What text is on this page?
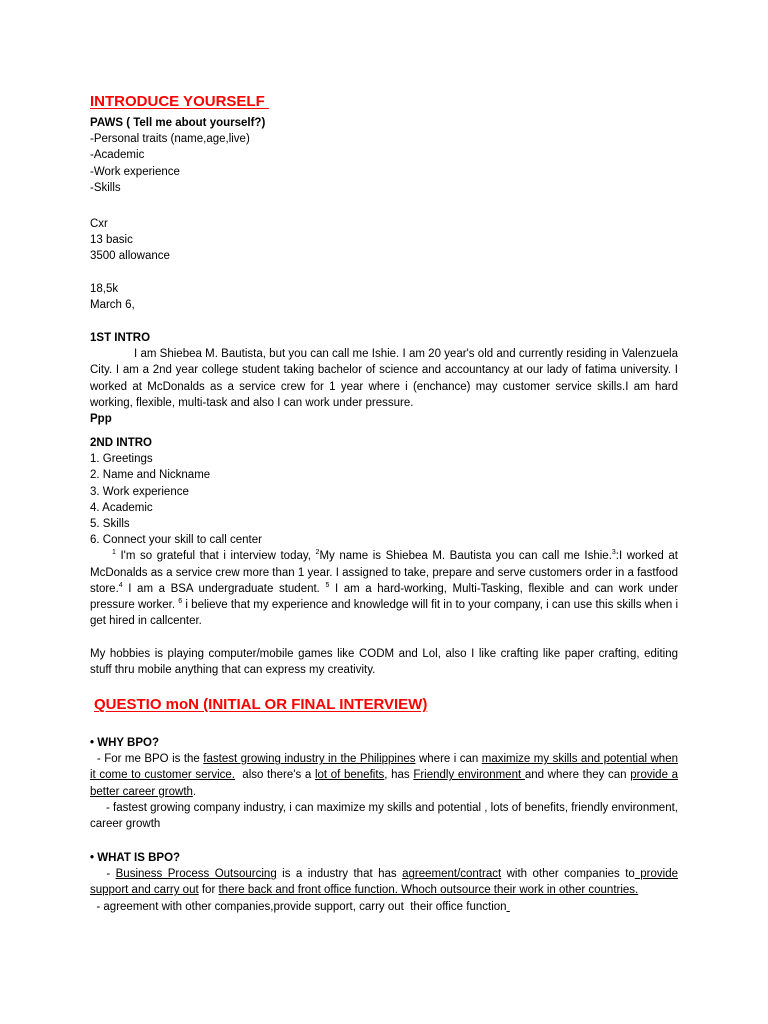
INTRODUCE YOURSELF

PAWS ( Tell me about yourself?)

-Personal traits (name,age,live)

-Academic

-Work experience

-Skills

Cxr

13 basic

3500 allowance

18,5k

March 6,

1ST INTRO

I am Shiebea M. Bautista, but you can call me Ishie. I am 20 year's old and currently residing in Valenzuela City. I am a 2nd year college student taking bachelor of science and accountancy at our lady of fatima university. I worked at McDonalds as a service crew for 1 year where i (enchance) may customer service skills.I am hard working, flexible, multi-task and also I can work under pressure.

Ppp

2ND INTRO

1. Greetings

2. Name and Nickname

3. Work experience

4. Academic

5. Skills

6. Connect your skill to call center

$^1$ I'm so grateful that i interview today, $^2$My name is Shiebea M. Bautista you can call me Ishie.$^3$:I worked at McDonalds as a service crew more than 1 year. I assigned to take, prepare and serve customers order in a fastfood store.$^4$ I am a BSA undergraduate student. $^5$ I am a hard-working, Multi-Tasking, flexible and can work under pressure worker. $^6$ i believe that my experience and knowledge will fit in to your company, i can use this skills when i get hired in callcenter.

My hobbies is playing computer/mobile games like CODM and Lol, also I like crafting like paper crafting, editing stuff thru mobile anything that can express my creativity.

QUESTIO moN (INITIAL OR FINAL INTERVIEW)

• WHY BPO?

- For me BPO is the fastest growing industry in the Philippines where i can maximize my skills and potential when it come to customer service.  also there's a lot of benefits, has Friendly environment and where they can provide a better career growth.

- fastest growing company industry, i can maximize my skills and potential , lots of benefits, friendly environment, career growth

• WHAT IS BPO?

- Business Process Outsourcing is a industry that has agreement/contract with other companies to provide support and carry out for there back and front office function. Whoch outsource their work in other countries.

- agreement with other companies,provide support, carry out  their office function
